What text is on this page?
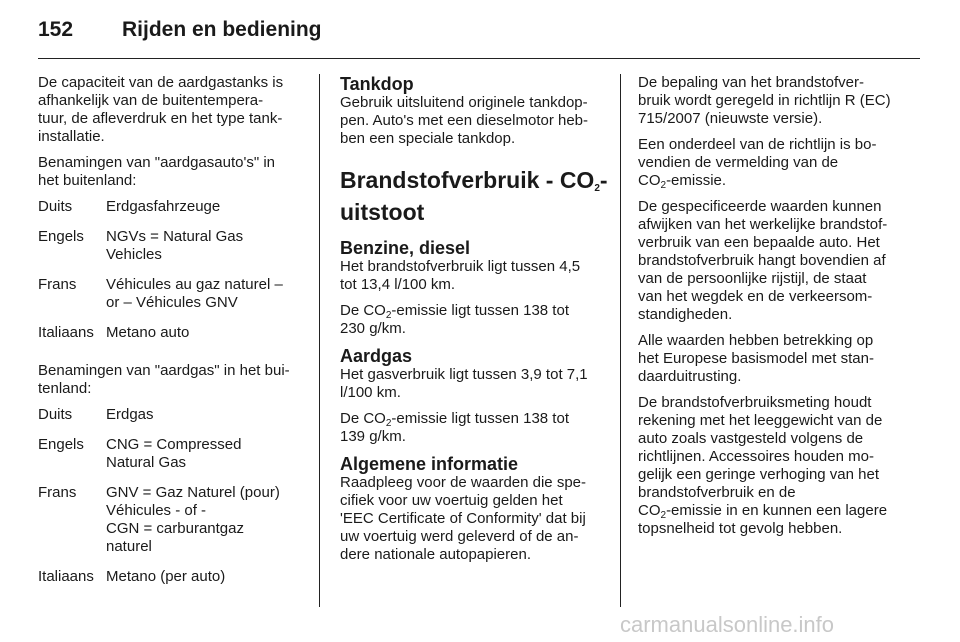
152 Rijden en bediening

De capaciteit van de aardgastanks is
afhankelijk van de buitentempera-
tuur, de afleverdruk en het type tank-
installatie.

Benamingen van "aardgasauto's" in
het buitenland:

Duits	Erdgasfahrzeuge

Engels	NGVs = Natural Gas
Vehicles

Frans	Véhicules au gaz naturel –
or – Véhicules GNV

Italiaans	Metano auto

Benamingen van "aardgas" in het bui-
tenland:

Duits	Erdgas

Engels	CNG = Compressed
Natural Gas

Frans	GNV = Gaz Naturel (pour)
Véhicules - of -
CGN = carburantgaz
naturel

Italiaans	Metano (per auto)
Tankdop

Gebruik uitsluitend originele tankdop-
pen. Auto's met een dieselmotor heb-
ben een speciale tankdop.

Brandstofverbruik - $CO_2-$
uitstoot
Benzine, diesel

Het brandstofverbruik ligt tussen 4,5
tot 13,4 l/100 km.

De $CO_2$-emissie ligt tussen 138 tot
230 g/km.

Aardgas

Het gasverbruik ligt tussen 3,9 tot 7,1
l/100 km.

De $CO_2$-emissie ligt tussen 138 tot
139 g/km.

Algemene informatie

Raadpleeg voor de waarden die spe-
cifiek voor uw voertuig gelden het
'EEC Certificate of Conformity' dat bij
uw voertuig werd geleverd of de an-
dere nationale autopapieren.

De bepaling van het brandstofver-
bruik wordt geregeld in richtlijn R (EC)
715/2007 (nieuwste versie).

Een onderdeel van de richtlijn is bo-
vendien de vermelding van de
$CO_2$-emissie.

De gespecificeerde waarden kunnen
afwijken van het werkelijke brandstof-
verbruik van een bepaalde auto. Het
brandstofverbruik hangt bovendien af
van de persoonlijke rijstijl, de staat
van het wegdek en de verkeersom-
standigheden.

Alle waarden hebben betrekking op
het Europese basismodel met stan-
daarduitrusting.

De brandstofverbruiksmeting houdt
rekening met het leeggewicht van de
auto zoals vastgesteld volgens de
richtlijnen. Accessoires houden mo-
gelijk een geringe verhoging van het
brandstofverbruik en de
$CO_2$-emissie in en kunnen een lagere
topsnelheid tot gevolg hebben.

carmanualsonline.info
